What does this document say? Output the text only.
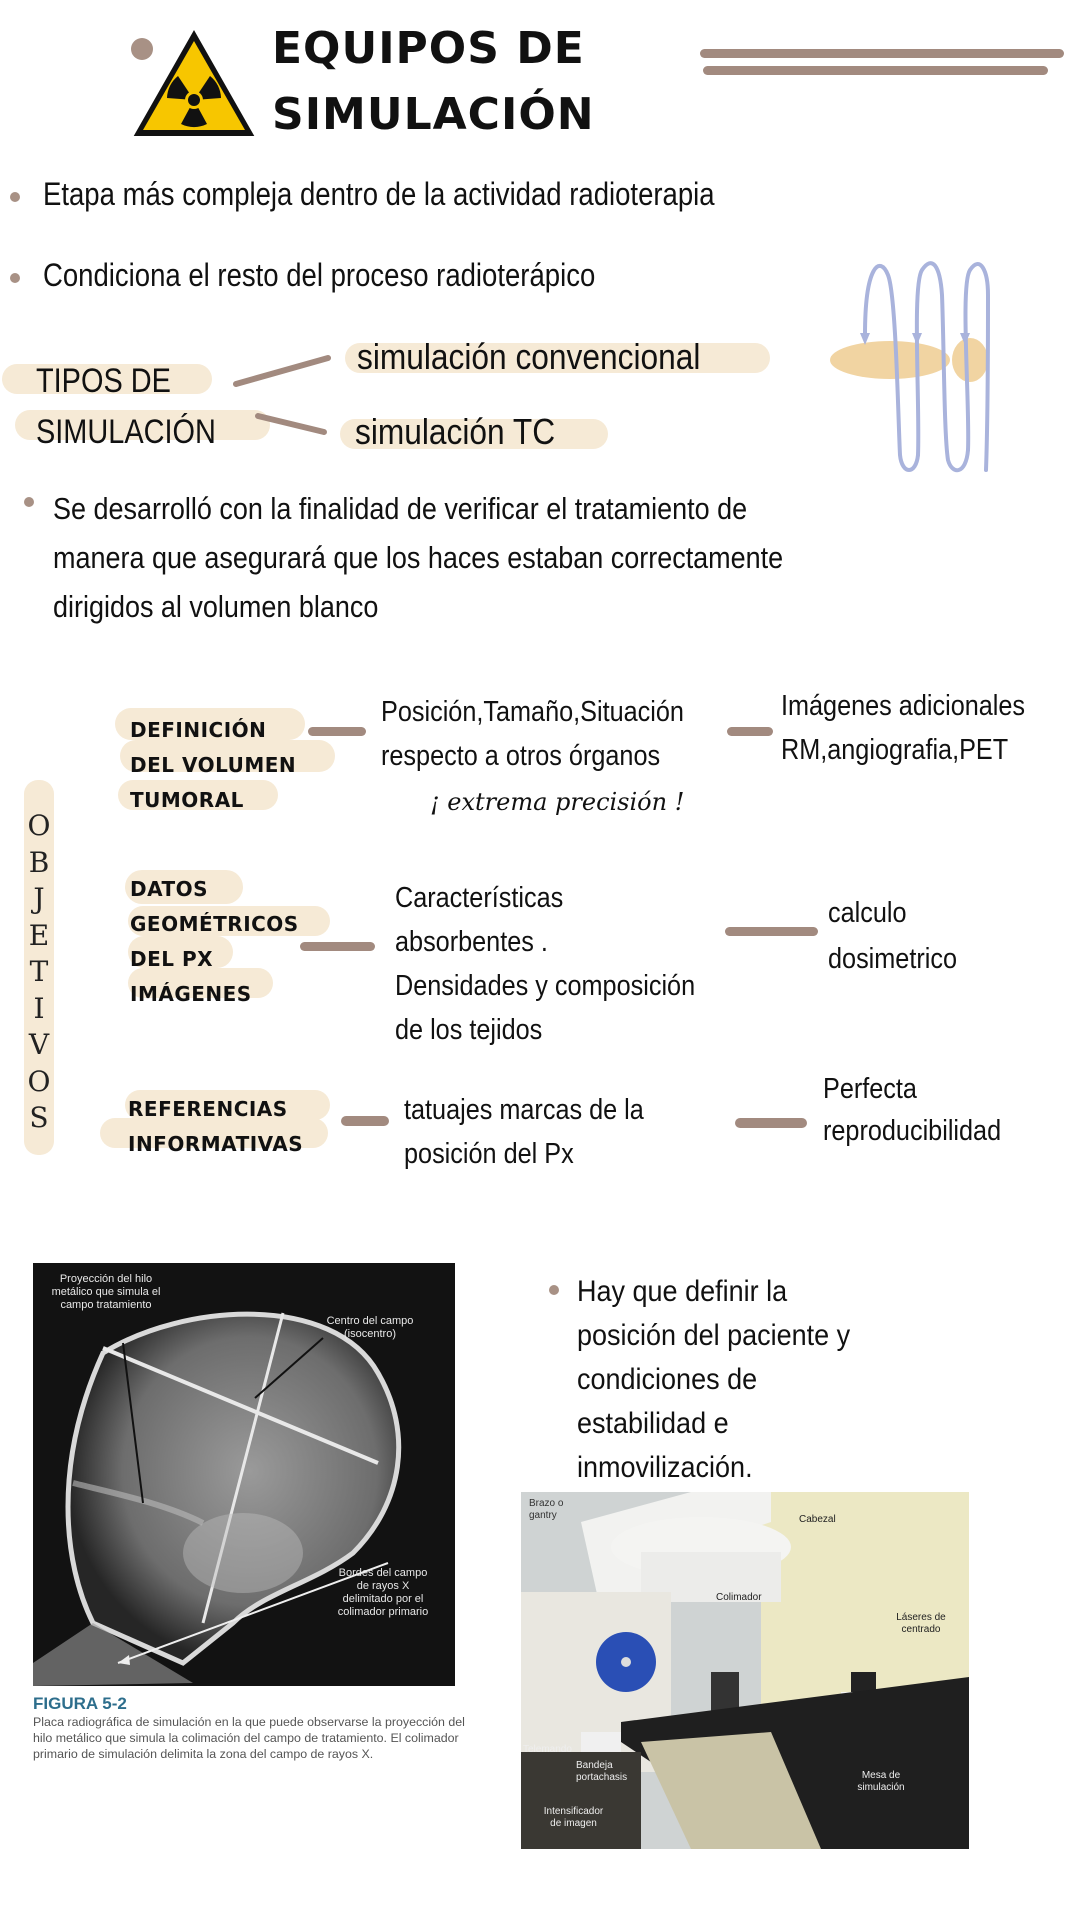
EQUIPOS DE
SIMULACIÓN
Etapa más compleja dentro de la actividad radioterapia
Condiciona el resto del proceso radioterápico
TIPOS DE
SIMULACIÓN
simulación convencional
simulación TC
Se desarrolló con la finalidad de verificar el tratamiento de
manera que asegurará que los haces estaban correctamente
dirigidos al volumen blanco
O
B
J
E
T
I
V
O
S
DEFINICIÓN
DEL VOLUMEN
TUMORAL
Posición,Tamaño,Situación
respecto a otros órganos
¡ extrema precisión !
Imágenes adicionales
RM,angiografia,PET
DATOS
GEOMÉTRICOS
DEL PX
IMÁGENES
Características
absorbentes .
Densidades y composición
de los tejidos
calculo
dosimetrico
REFERENCIAS
INFORMATIVAS
tatuajes marcas de la
posición del Px
Perfecta
reproducibilidad
Proyección del hilo metálico que simula el campo tratamiento
Centro del campo (isocentro)
Bordes del campo de rayos X delimitado por el colimador primario
FIGURA 5-2
Placa radiográfica de simulación en la que puede observarse la proyección del hilo metálico que simula la colimación del campo de tratamiento. El colimador primario de simulación delimita la zona del campo de rayos X.
Hay que definir la
posición del paciente y
condiciones de
estabilidad e
inmovilización.
Brazo o gantry	Cabezal
Colimador
Láseres de centrado
Telemando
Bandeja portachasis
Intensificador de imagen
Mesa de simulación
